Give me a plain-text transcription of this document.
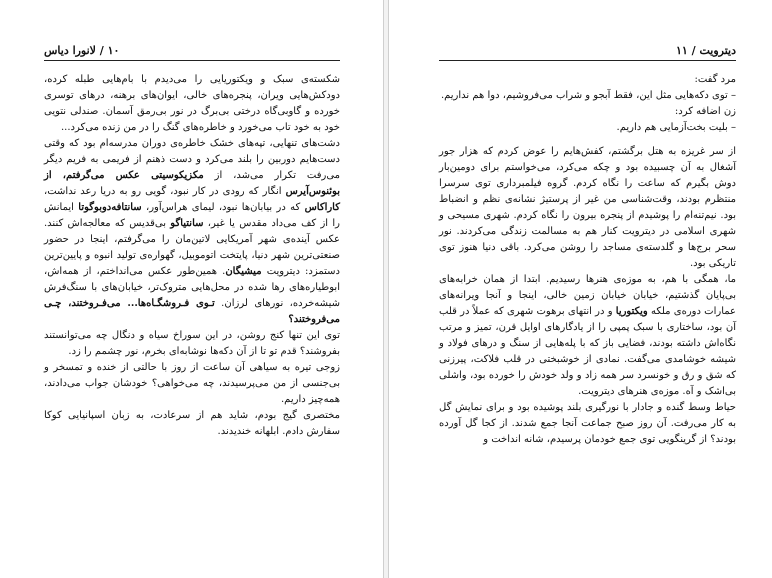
۱۰ / لانورا دیاس

شکسته‌ی سبک و ویکتوریایی را می‌دیدم با بام‌هایی طبله کرده، دودکش‌هایی ویران، پنجره‌های خالی، ایوان‌های برهنه، درهای توسری خورده و گاوبی‌گاه درختی بی‌برگ در نور بی‌رمق آسمان. صندلی نتویی خود به خود تاب می‌خورد و خاطره‌های گنگ را در من زنده می‌کرد...

دشت‌های تنهایی، تپه‌های خشک خاطره‌ی دوران مدرسه‌ام بود که وقتی دست‌هایم دوربین را بلند می‌کرد و دست ذهنم از فریمی به فریم دیگر می‌رفت تکرار می‌شد، از مکزیکوسیتی عکس می‌گرفتم، از بوئنوس‌آیرس انگار که رودی در کار نبود، گویی رو به دریا رعد نداشت، کاراکاس که در بیابان‌ها نبود، لیمای هراس‌آور، سانتافه‌دوبوگوتا ایمانش را از کف می‌داد مقدس یا غیر، سانتیاگو بی‌قدیس که معالجه‌اش کنند. عکس آینده‌ی شهر آمریکایی لاتین‌مان را می‌گرفتم، اینجا در حضور صنعتی‌ترین شهر دنیا، پایتخت اتوموبیل، گهواره‌ی تولید انبوه و پایین‌ترین دستمزد: دیترویت میشیگان. همین‌طور عکس می‌انداختم، از همه‌اش، ابوطیاره‌های رها شده در محل‌هایی متروک‌تر، خیابان‌های با سنگ‌فرش شیشه‌خرده، نورهای لرزان. تـوی فـروشگـاه‌ها... می‌فـروختند، چـی می‌فروختند؟

توی این تنها کنج روشن، در این سوراخ سیاه و دنگال چه می‌توانستند بفروشند؟ قدم تو تا از آن دکه‌ها نوشابه‌ای بخرم، نور چشمم را زد.

زوجی تیره به سیاهی آن ساعت از روز با حالتی از خنده و تمسخر و بی‌جنسی از من می‌پرسیدند، چه می‌خواهی؟ خودشان جواب می‌دادند، همه‌چیز داریم.

مختصری گیج بودم، شاید هم از سرعادت، به زبان اسپانیایی کوکا سفارش دادم. ابلهانه خندیدند.

دیترویت / ۱۱

مرد گفت:

– توی دکه‌هایی مثل این، فقط آبجو و شراب می‌فروشیم، دوا هم نداریم.

زن اضافه کرد:

– بلیت بخت‌آزمایی هم داریم.

از سر غریزه به هتل برگشتم، کفش‌هایم را عوض کردم که هزار جور آشغال به آن چسبیده بود و چکه می‌کرد، می‌خواستم برای دومین‌بار دوش بگیرم که ساعت را نگاه کردم. گروه فیلمبرداری توی سرسرا منتظرم بودند، وقت‌شناسی من غیر از پرستیژ نشانه‌ی نظم و انضباط بود. نیم‌تنه‌ام را پوشیدم از پنجره بیرون را نگاه کردم. شهری مسیحی و شهری اسلامی در دیترویت کنار هم به مسالمت زندگی می‌کردند. نور سحر برج‌ها و گلدسته‌ی مساجد را روشن می‌کرد. باقی دنیا هنوز توی تاریکی بود.

ما، همگی با هم، به موزه‌ی هنرها رسیدیم. ابتدا از همان خرابه‌های بی‌پایان گذشتیم، خیابان خیابان زمین خالی، اینجا و آنجا ویرانه‌های عمارات دوره‌ی ملکه ویکتوریا و در انتهای برهوت شهری که عملاً در قلب آن بود، ساختاری با سبک پمپی را از یادگارهای اوایل قرن، تمیز و مرتب نگاه‌اش داشته بودند، فضایی باز که با پله‌هایی از سنگ و درهای فولاد و شیشه خوشامدی می‌گفت. نمادی از خوشبختی در قلب فلاکت، پیرزنی که شق و رق و خونسرد سر همه زاد و ولد خودش را خورده بود، واشلی بی‌اشک و آه. موزه‌ی هنرهای دیترویت.

حیاط وسط گنده و جادار با نورگیری بلند پوشیده بود و برای نمایش گل به کار می‌رفت. آن روز صبح جماعت آنجا جمع شدند. از کجا گل آورده بودند؟ از گرینگویی توی جمع خودمان پرسیدم، شانه انداخت و
